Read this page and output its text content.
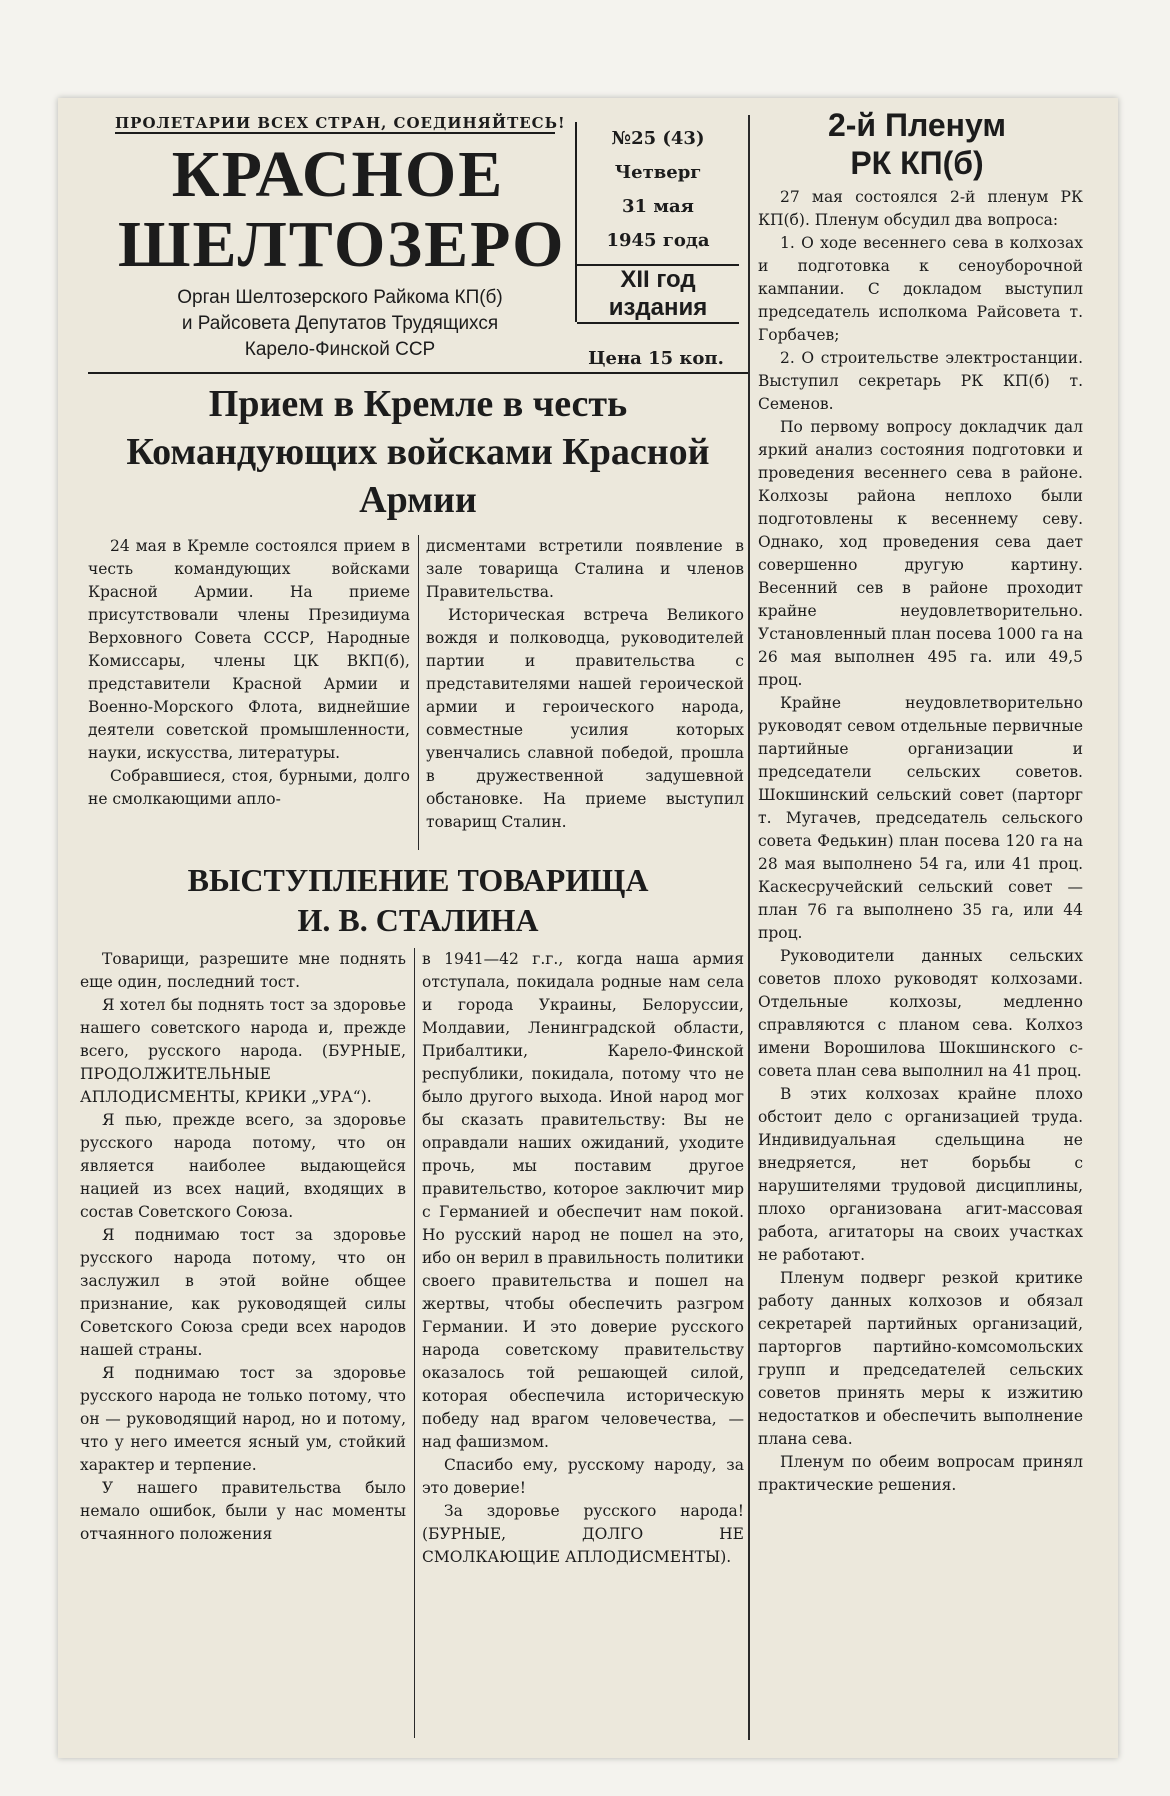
ПРОЛЕТАРИИ ВСЕХ СТРАН, СОЕДИНЯЙТЕСЬ!
КРАСНОЕ
ШЕЛТОЗЕРО
Орган Шелтозерского Райкома КП(б)
и Райсовета Депутатов Трудящихся
Карело-Финской ССР
№25 (43)
Четверг
31 мая
1945 года
XII год издания
Цена 15 коп.
Прием в Кремле в честь Командующих войсками Красной Армии

24 мая в Кремле состоялся прием в честь командующих войсками Красной Армии. На приеме присутствовали члены Президиума Верховного Совета СССР, Народные Комиссары, члены ЦК ВКП(б), представители Красной Армии и Военно-Морского Флота, виднейшие деятели советской промышленности, науки, искусства, литературы.

Собравшиеся, стоя, бурными, долго не смолкающими апло-

дисментами встретили появление в зале товарища Сталина и членов Правительства.

Историческая встреча Великого вождя и полководца, руководителей партии и правительства с представителями нашей героической армии и героического народа, совместные усилия которых увенчались славной победой, прошла в дружественной задушевной обстановке. На приеме выступил товарищ Сталин.

ВЫСТУПЛЕНИЕ ТОВАРИЩА
И. В. СТАЛИНА

Товарищи, разрешите мне поднять еще один, последний тост.

Я хотел бы поднять тост за здоровье нашего советского народа и, прежде всего, русского народа. (БУРНЫЕ, ПРОДОЛЖИТЕЛЬНЫЕ АПЛОДИСМЕНТЫ, КРИКИ „УРА“).

Я пью, прежде всего, за здоровье русского народа потому, что он является наиболее выдающейся нацией из всех наций, входящих в состав Советского Союза.

Я поднимаю тост за здоровье русского народа потому, что он заслужил в этой войне общее признание, как руководящей силы Советского Союза среди всех народов нашей страны.

Я поднимаю тост за здоровье русского народа не только потому, что он — руководящий народ, но и потому, что у него имеется ясный ум, стойкий характер и терпение.

У нашего правительства было немало ошибок, были у нас моменты отчаянного положения

в 1941—42 г.г., когда наша армия отступала, покидала родные нам села и города Украины, Белоруссии, Молдавии, Ленинградской области, Прибалтики, Карело-Финской республики, покидала, потому что не было другого выхода. Иной народ мог бы сказать правительству: Вы не оправдали наших ожиданий, уходите прочь, мы поставим другое правительство, которое заключит мир с Германией и обеспечит нам покой. Но русский народ не пошел на это, ибо он верил в правильность политики своего правительства и пошел на жертвы, чтобы обеспечить разгром Германии. И это доверие русского народа советскому правительству оказалось той решающей силой, которая обеспечила историческую победу над врагом человечества, — над фашизмом.

Спасибо ему, русскому народу, за это доверие!

За здоровье русского народа! (БУРНЫЕ, ДОЛГО НЕ СМОЛКАЮЩИЕ АПЛОДИСМЕНТЫ).

2-й Пленум
РК КП(б)

27 мая состоялся 2-й пленум РК КП(б). Пленум обсудил два вопроса:

1. О ходе весеннего сева в колхозах и подготовка к сеноуборочной кампании. С докладом выступил председатель исполкома Райсовета т. Горбачев;

2. О строительстве электростанции. Выступил секретарь РК КП(б) т. Семенов.

По первому вопросу докладчик дал яркий анализ состояния подготовки и проведения весеннего сева в районе. Колхозы района неплохо были подготовлены к весеннему севу. Однако, ход проведения сева дает совершенно другую картину. Весенний сев в районе проходит крайне неудовлетворительно. Установленный план посева 1000 га на 26 мая выполнен 495 га. или 49,5 проц.

Крайне неудовлетворительно руководят севом отдельные первичные партийные организации и председатели сельских советов. Шокшинский сельский совет (парторг т. Мугачев, председатель сельского совета Федькин) план посева 120 га на 28 мая выполнено 54 га, или 41 проц. Каскесручейский сельский совет — план 76 га выполнено 35 га, или 44 проц.

Руководители данных сельских советов плохо руководят колхозами. Отдельные колхозы, медленно справляются с планом сева. Колхоз имени Ворошилова Шокшинского с-совета план сева выполнил на 41 проц.

В этих колхозах крайне плохо обстоит дело с организацией труда. Индивидуальная сдельщина не внедряется, нет борьбы с нарушителями трудовой дисциплины, плохо организована агит-массовая работа, агитаторы на своих участках не работают.

Пленум подверг резкой критике работу данных колхозов и обязал секретарей партийных организаций, парторгов партийно-комсомольских групп и председателей сельских советов принять меры к изжитию недостатков и обеспечить выполнение плана сева.

Пленум по обеим вопросам принял практические решения.
